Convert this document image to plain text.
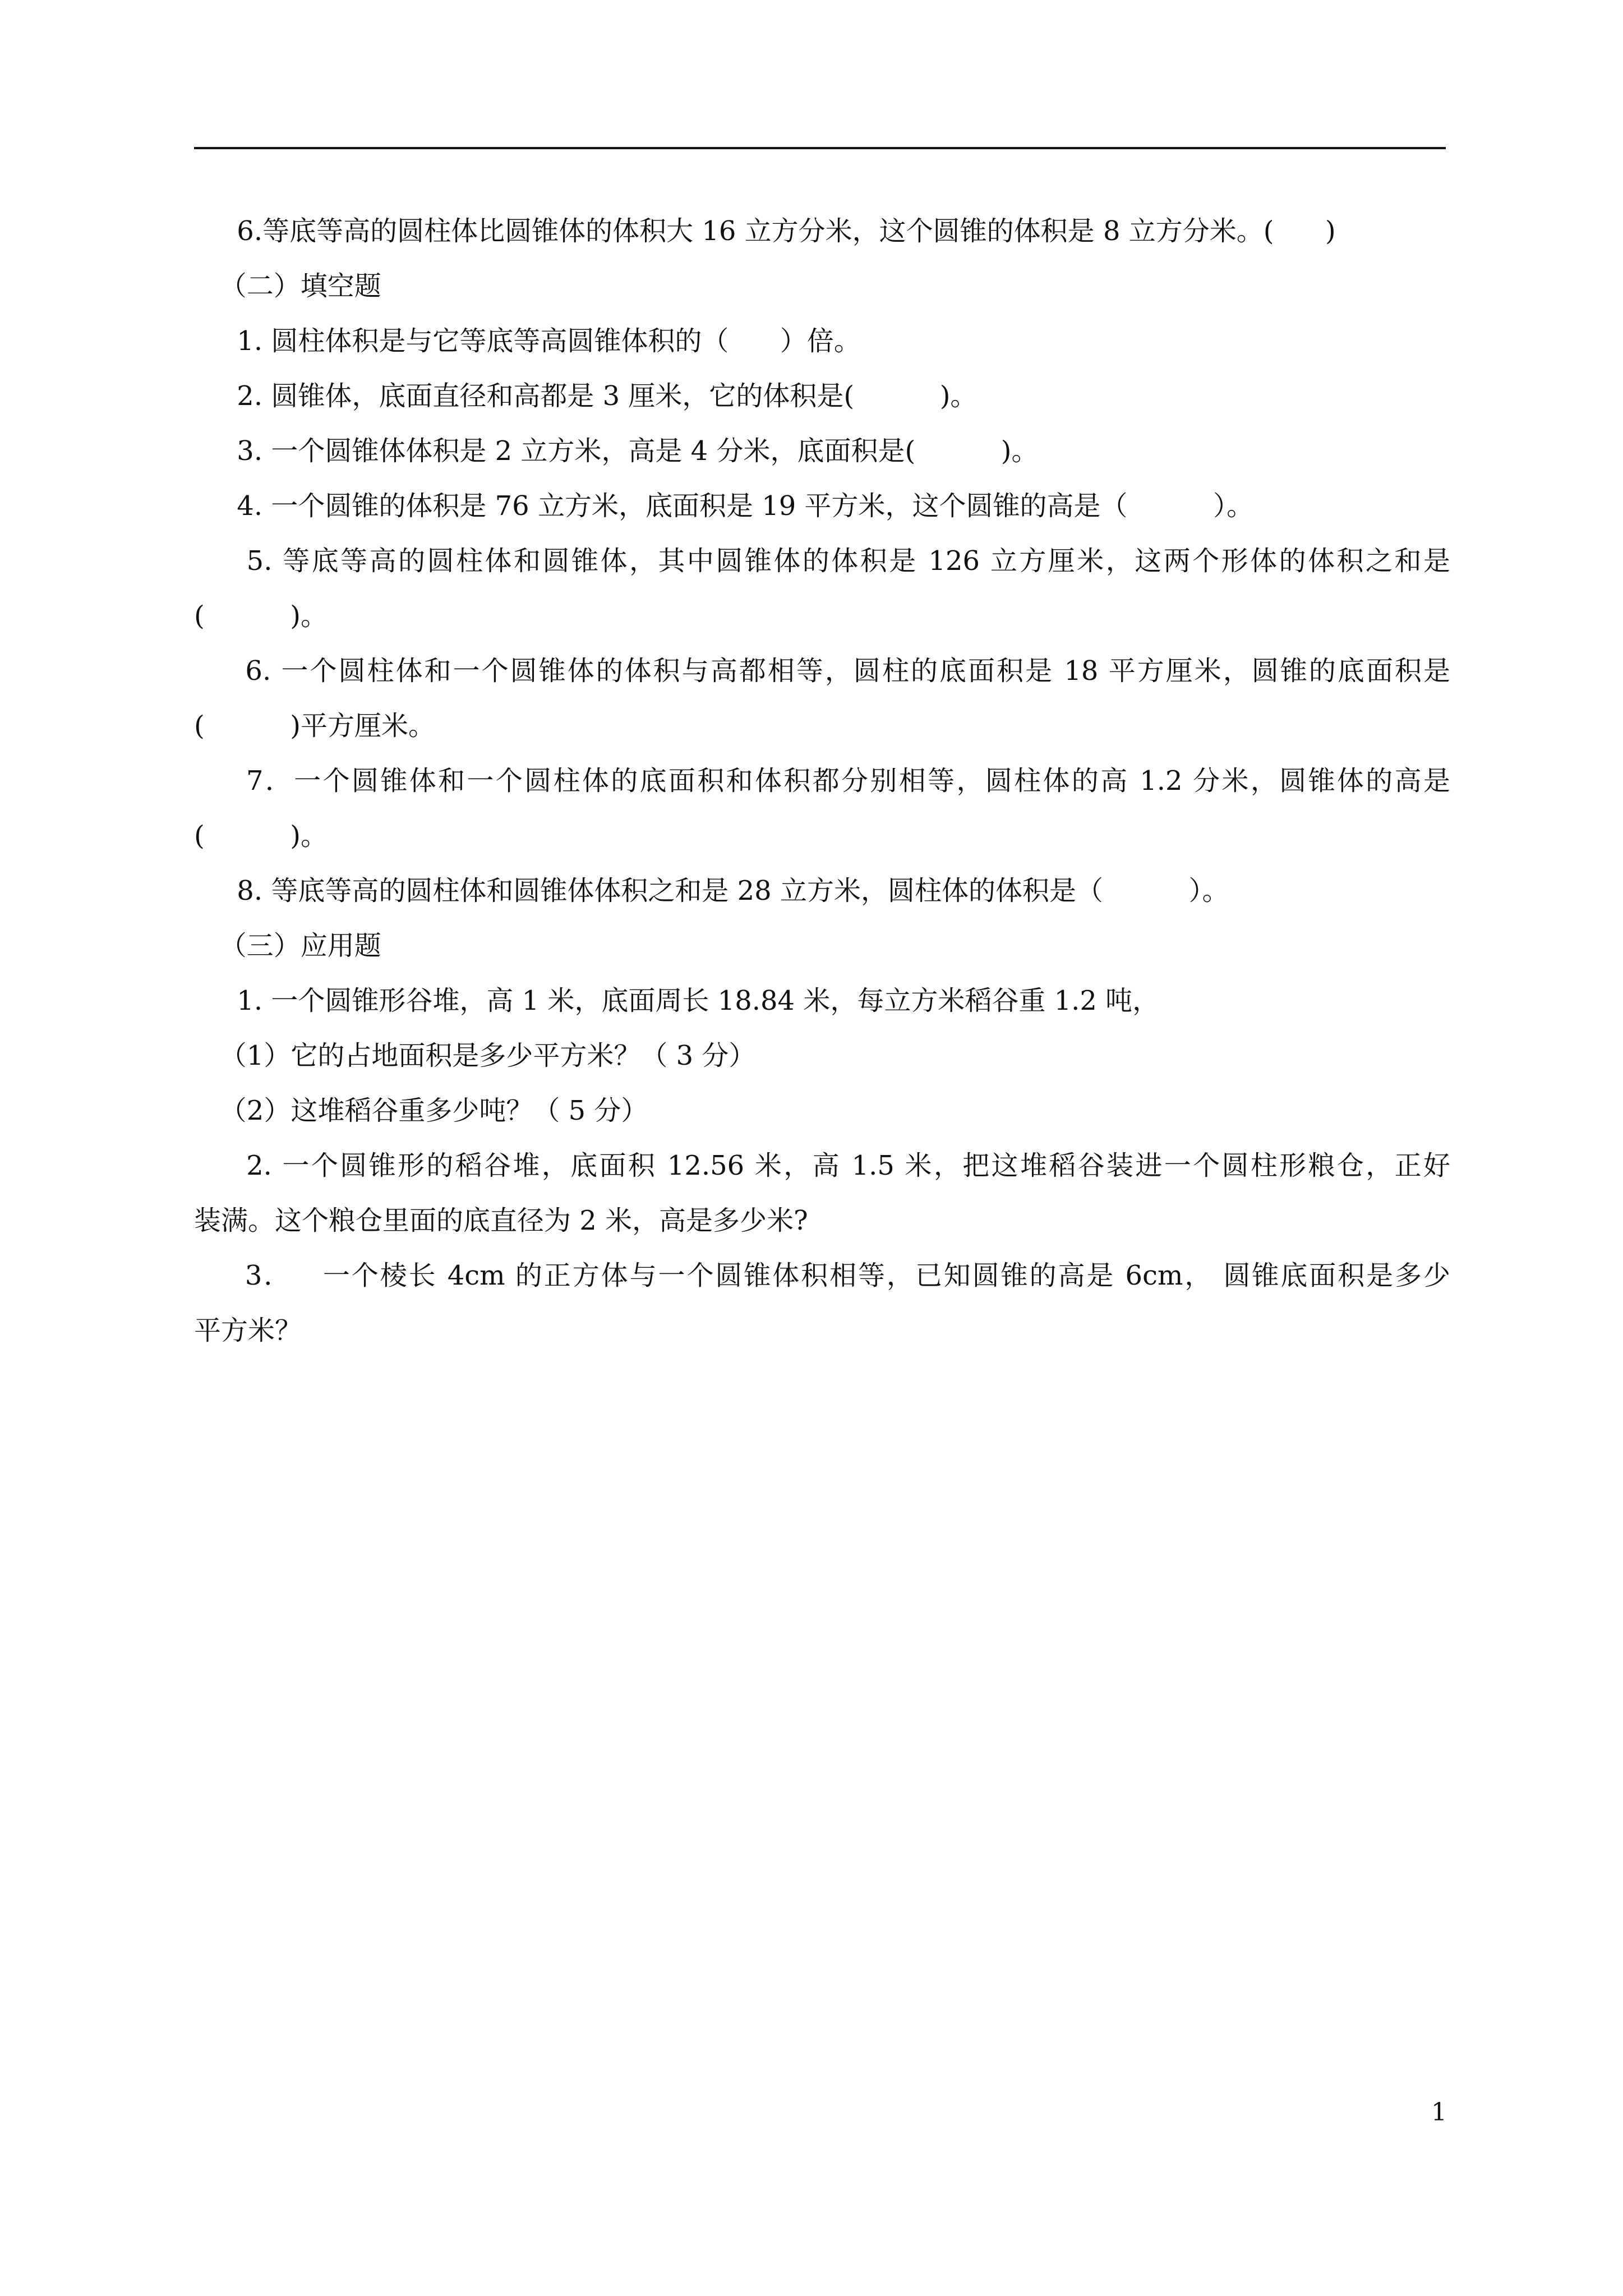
6.等底等高的圆柱体比圆锥体的体积大 16 立方分米，这个圆锥的体积是 8 立方分米。(      )
（二）填空题
1. 圆柱体积是与它等底等高圆锥体积的（      ）倍。
2. 圆锥体，底面直径和高都是 3 厘米，它的体积是(          )。
3. 一个圆锥体体积是 2 立方米，高是 4 分米，底面积是(          )。
4. 一个圆锥的体积是 76 立方米，底面积是 19 平方米，这个圆锥的高是（          ）。
5. 等底等高的圆柱体和圆锥体，其中圆锥体的体积是 126 立方厘米，这两个形体的体积之和是
(          )。
6. 一个圆柱体和一个圆锥体的体积与高都相等，圆柱的底面积是 18 平方厘米，圆锥的底面积是
(          )平方厘米。
7．一个圆锥体和一个圆柱体的底面积和体积都分别相等，圆柱体的高 1.2 分米，圆锥体的高是
(          )。
8. 等底等高的圆柱体和圆锥体体积之和是 28 立方米，圆柱体的体积是（          ）。
（三）应用题
1. 一个圆锥形谷堆，高 1 米，底面周长 18.84 米，每立方米稻谷重 1.2 吨，
（1）它的占地面积是多少平方米？（ 3 分）
（2）这堆稻谷重多少吨？（ 5 分）
2. 一个圆锥形的稻谷堆，底面积 12.56 米，高 1.5 米，把这堆稻谷装进一个圆柱形粮仓，正好
装满。这个粮仓里面的底直径为 2 米，高是多少米?
3．   一个棱长 4cm 的正方体与一个圆锥体积相等，已知圆锥的高是 6cm， 圆锥底面积是多少
平方米？
1
